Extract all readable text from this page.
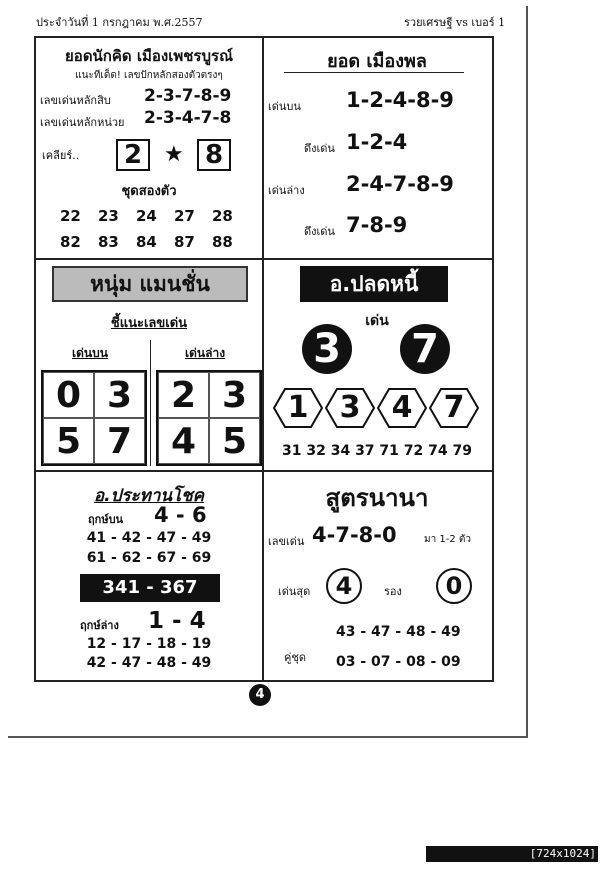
ประจำวันที่ 1 กรกฎาคม พ.ศ.2557	รวยเศรษฐี vs เบอร์ 1
ยอดนักคิด เมืองเพชรบูรณ์
แนะทีเด็ด! เลขปักหลักสองตัวตรงๆ
เลขเด่นหลักสิบ 2-3-7-8-9
เลขเด่นหลักหน่วย 2-3-4-7-8
เคลียร์..	2 ★ 8
ชุดสองตัว
22 23 24 27 28
82 83 84 87 88
ยอด เมืองพล
เด่นบน 1-2-4-8-9
ดึงเด่น 1-2-4
เด่นล่าง 2-4-7-8-9
ดึงเด่น 7-8-9
หนุ่ม แมนชั่น
ชี้แนะเลขเด่น
เด่นบน	เด่นล่าง
0 3
5 7
2 3
4 5
อ.ปลดหนี้
เด่น
3 7
1	3	4	7
31 32 34 37 71 72 74 79
อ.ประทานโชค
ฤกษ์บน 4 - 6
41 - 42 - 47 - 49
61 - 62 - 67 - 69
341 - 367
ฤกษ์ล่าง 1 - 4
12 - 17 - 18 - 19
42 - 47 - 48 - 49
สูตรนานา
เลขเด่น 4-7-8-0	มา 1-2 ตัว
เด่นสุด	4	รอง	0
43 - 47 - 48 - 49
คู่ชุด 03 - 07 - 08 - 09
4
[724x1024] http://upic.me/
